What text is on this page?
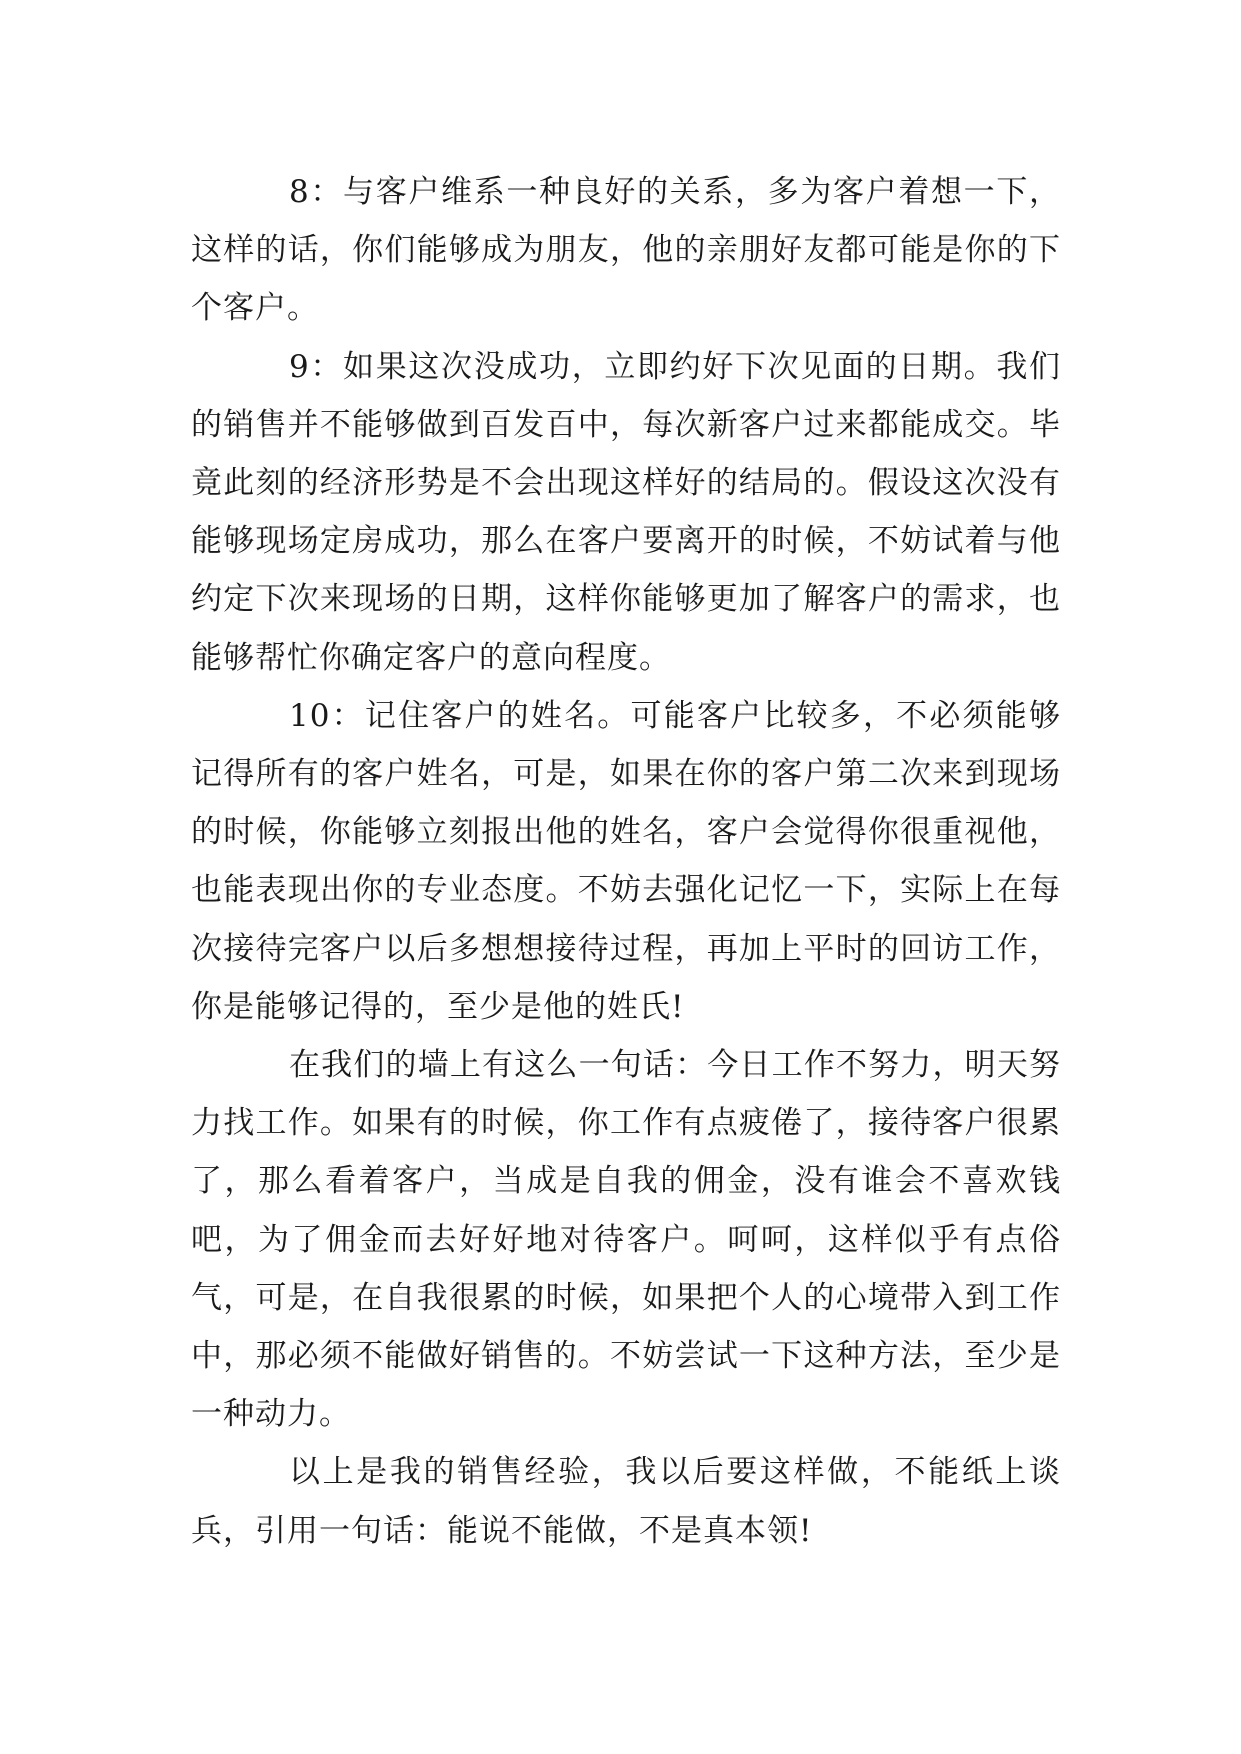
8：与客户维系一种良好的关系，多为客户着想一下，这样的话，你们能够成为朋友，他的亲朋好友都可能是你的下个客户。

9：如果这次没成功，立即约好下次见面的日期。我们的销售并不能够做到百发百中，每次新客户过来都能成交。毕竟此刻的经济形势是不会出现这样好的结局的。假设这次没有能够现场定房成功，那么在客户要离开的时候，不妨试着与他约定下次来现场的日期，这样你能够更加了解客户的需求，也能够帮忙你确定客户的意向程度。

10：记住客户的姓名。可能客户比较多，不必须能够记得所有的客户姓名，可是，如果在你的客户第二次来到现场的时候，你能够立刻报出他的姓名，客户会觉得你很重视他，也能表现出你的专业态度。不妨去强化记忆一下，实际上在每次接待完客户以后多想想接待过程，再加上平时的回访工作，你是能够记得的，至少是他的姓氏!

在我们的墙上有这么一句话：今日工作不努力，明天努力找工作。如果有的时候，你工作有点疲倦了，接待客户很累了，那么看着客户，当成是自我的佣金，没有谁会不喜欢钱吧，为了佣金而去好好地对待客户。呵呵，这样似乎有点俗气，可是，在自我很累的时候，如果把个人的心境带入到工作中，那必须不能做好销售的。不妨尝试一下这种方法，至少是一种动力。

以上是我的销售经验，我以后要这样做，不能纸上谈兵，引用一句话：能说不能做，不是真本领!
